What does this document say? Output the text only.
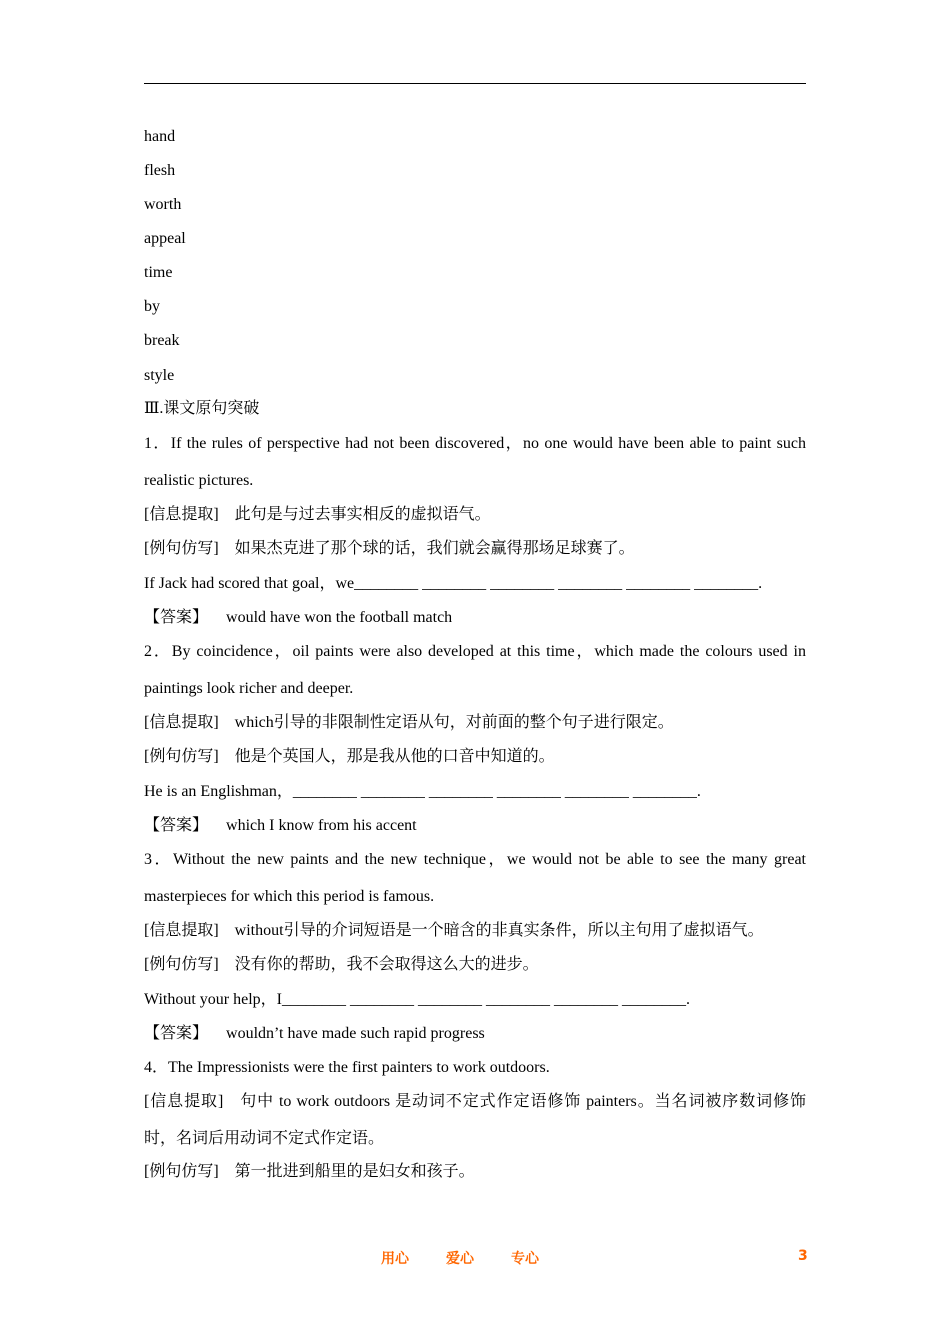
hand
flesh
worth
appeal
time
by
break
style
Ⅲ.课文原句突破
1．If the rules of perspective had not been discovered，no one would have been able to paint such
realistic pictures.
[信息提取] 此句是与过去事实相反的虚拟语气。
[例句仿写] 如果杰克进了那个球的话，我们就会赢得那场足球赛了。
If Jack had scored that goal，we________ ________ ________ ________ ________ ________.
【答案】 would have won the football match
2．By coincidence，oil paints were also developed at this time，which made the colours used in
paintings look richer and deeper.
[信息提取] which引导的非限制性定语从句，对前面的整个句子进行限定。
[例句仿写] 他是个英国人，那是我从他的口音中知道的。
He is an Englishman，________ ________ ________ ________ ________ ________.
【答案】 which I know from his accent
3．Without the new paints and the new technique，we would not be able to see the many great
masterpieces for which this period is famous.
[信息提取] without引导的介词短语是一个暗含的非真实条件，所以主句用了虚拟语气。
[例句仿写] 没有你的帮助，我不会取得这么大的进步。
Without your help，I________ ________ ________ ________ ________ ________.
【答案】 wouldn’t have made such rapid progress
4．The Impressionists were the first painters to work outdoors.
[信息提取] 句中 to work outdoors 是动词不定式作定语修饰 painters。当名词被序数词修饰
时，名词后用动词不定式作定语。
[例句仿写] 第一批进到船里的是妇女和孩子。
用心	爱心	专心	3
